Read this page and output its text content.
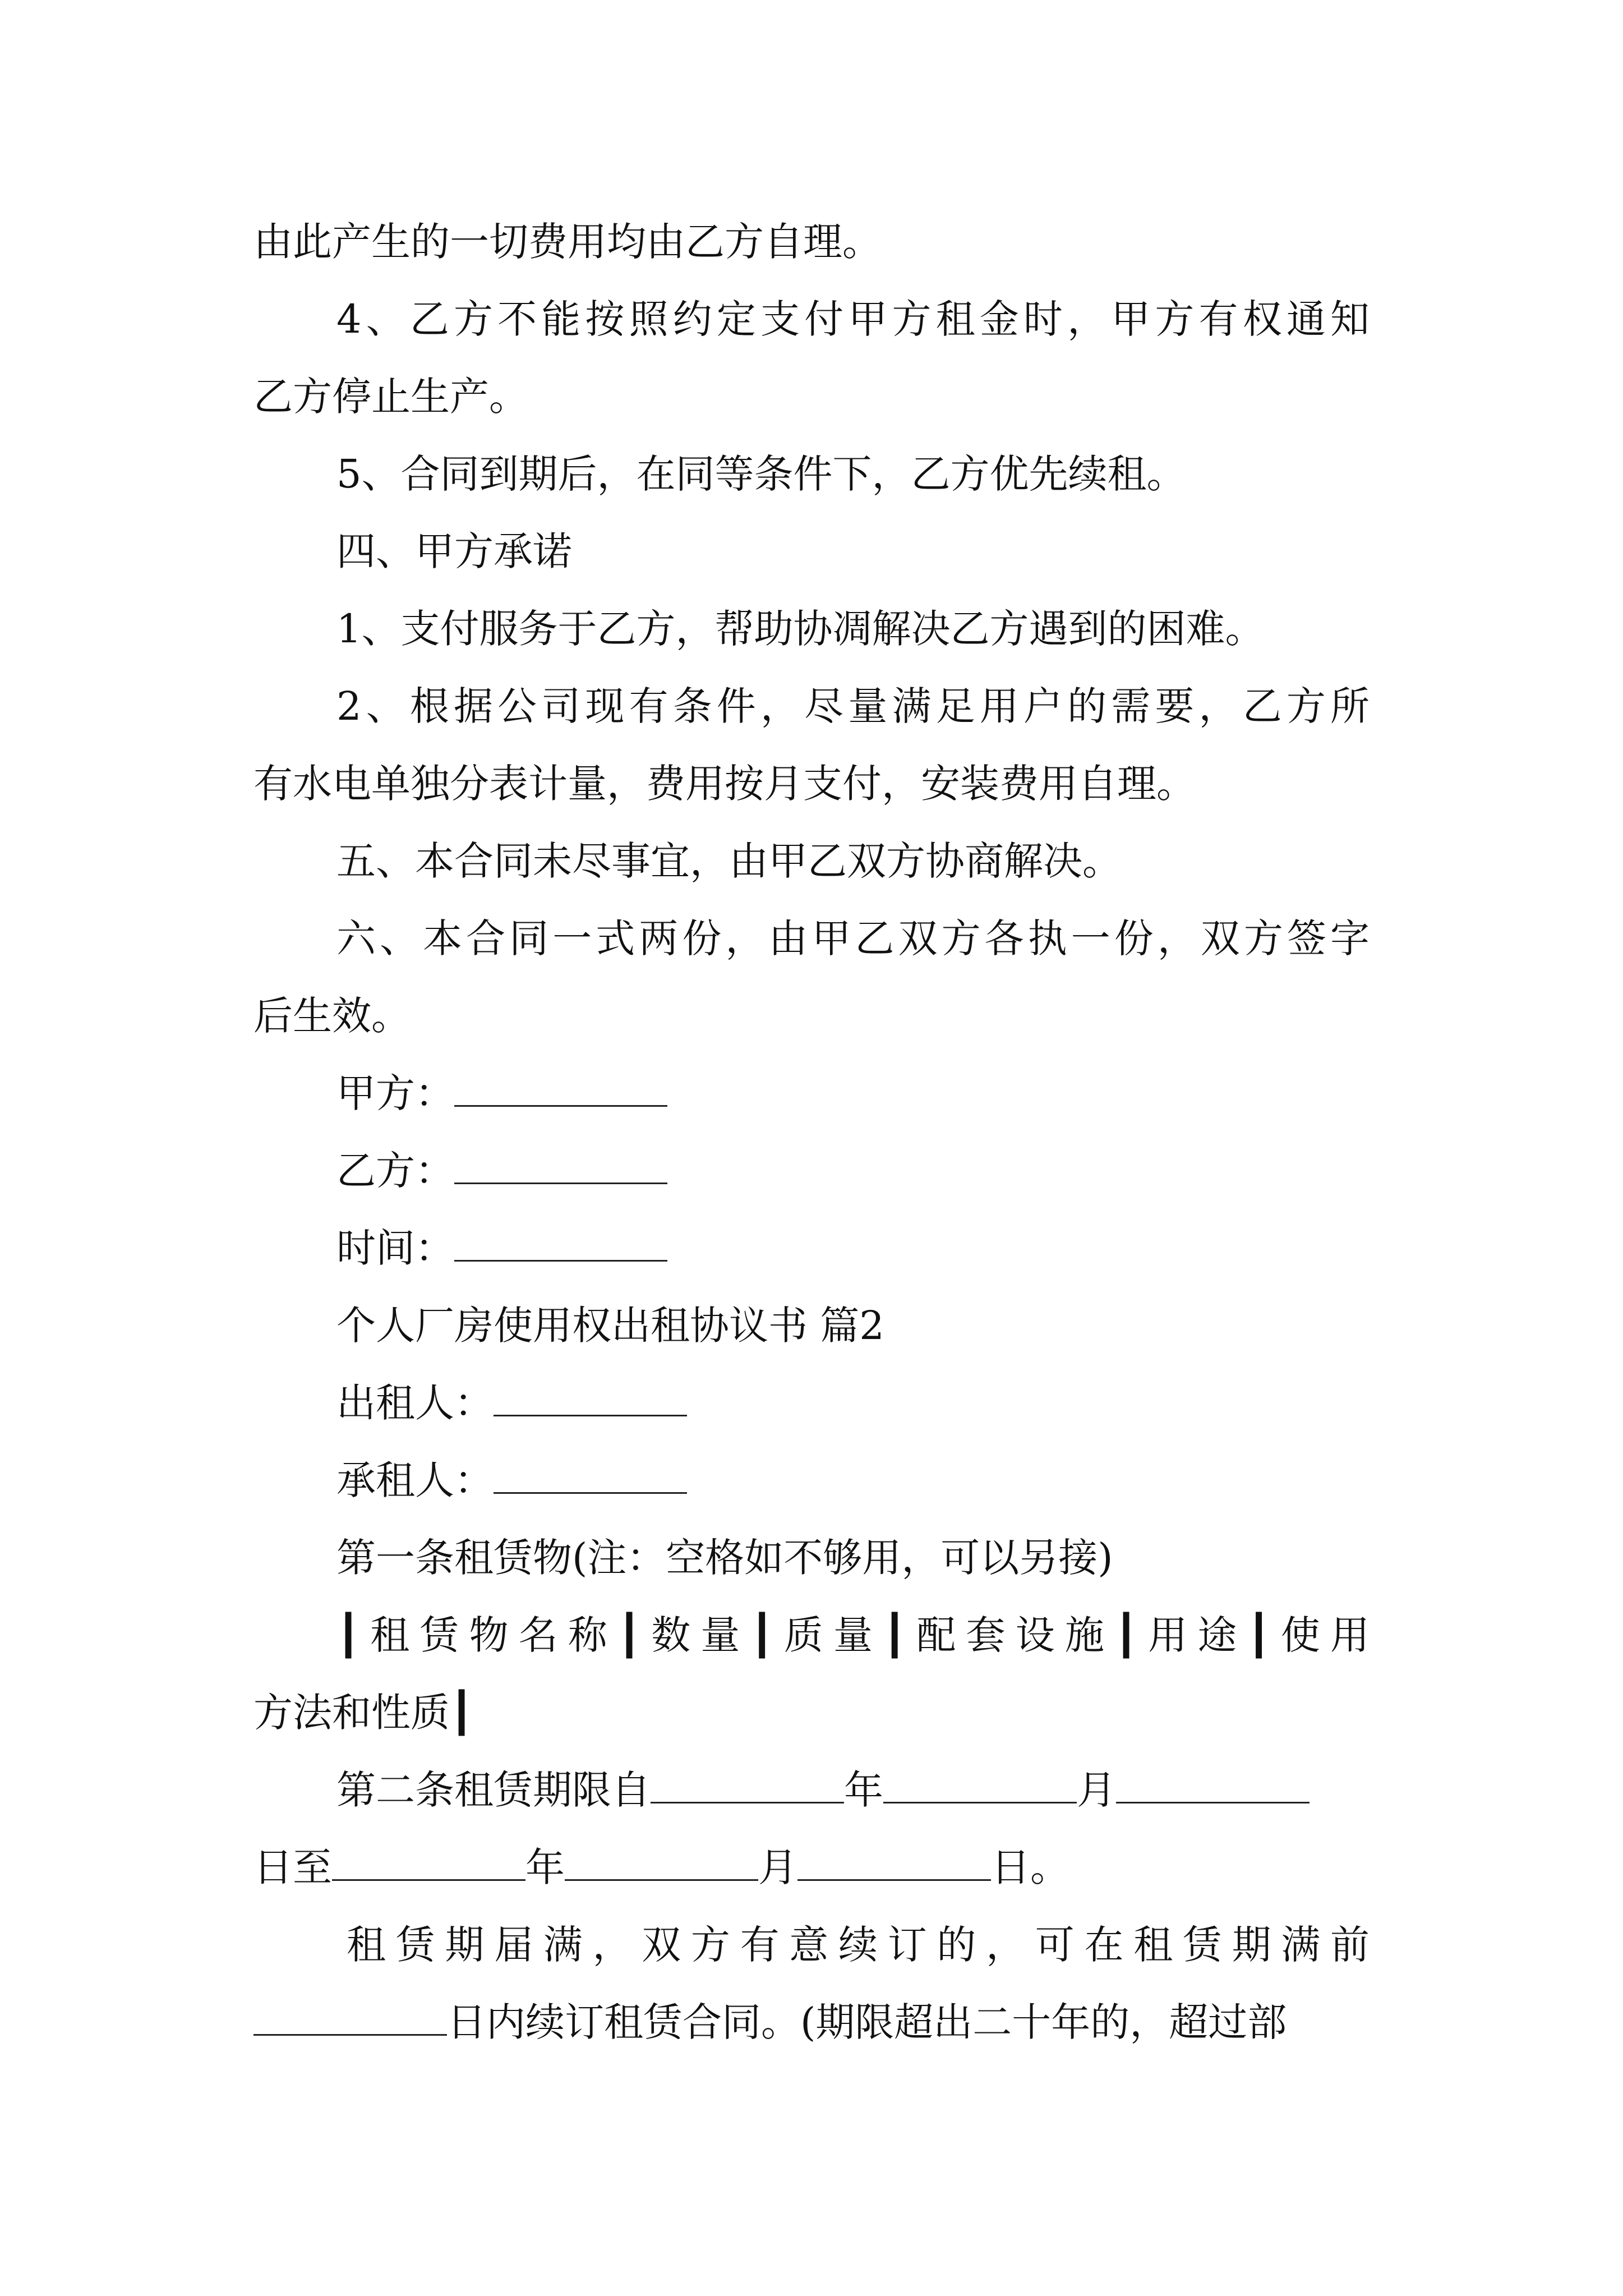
由此产生的一切费用均由乙方自理。
4、乙方不能按照约定支付甲方租金时，甲方有权通知
乙方停止生产。
5、合同到期后，在同等条件下，乙方优先续租。
四、甲方承诺
1、支付服务于乙方，帮助协凋解决乙方遇到的困难。
2、根据公司现有条件，尽量满足用户的需要，乙方所
有水电单独分表计量，费用按月支付，安装费用自理。
五、本合同未尽事宜，由甲乙双方协商解决。
六、本合同一式两份，由甲乙双方各执一份，双方签字
后生效。
甲方：
乙方：
时间：
个人厂房使用权出租协议书 篇2
出租人：
承租人：
第一条租赁物(注：空格如不够用，可以另接)
┃租赁物名称┃数量┃质量┃配套设施┃用途┃使用
方法和性质┃
第二条租赁期限自	年	月
日至	年	月	日。
租赁期届满，双方有意续订的，可在租赁期满前
日内续订租赁合同。(期限超出二十年的，超过部
